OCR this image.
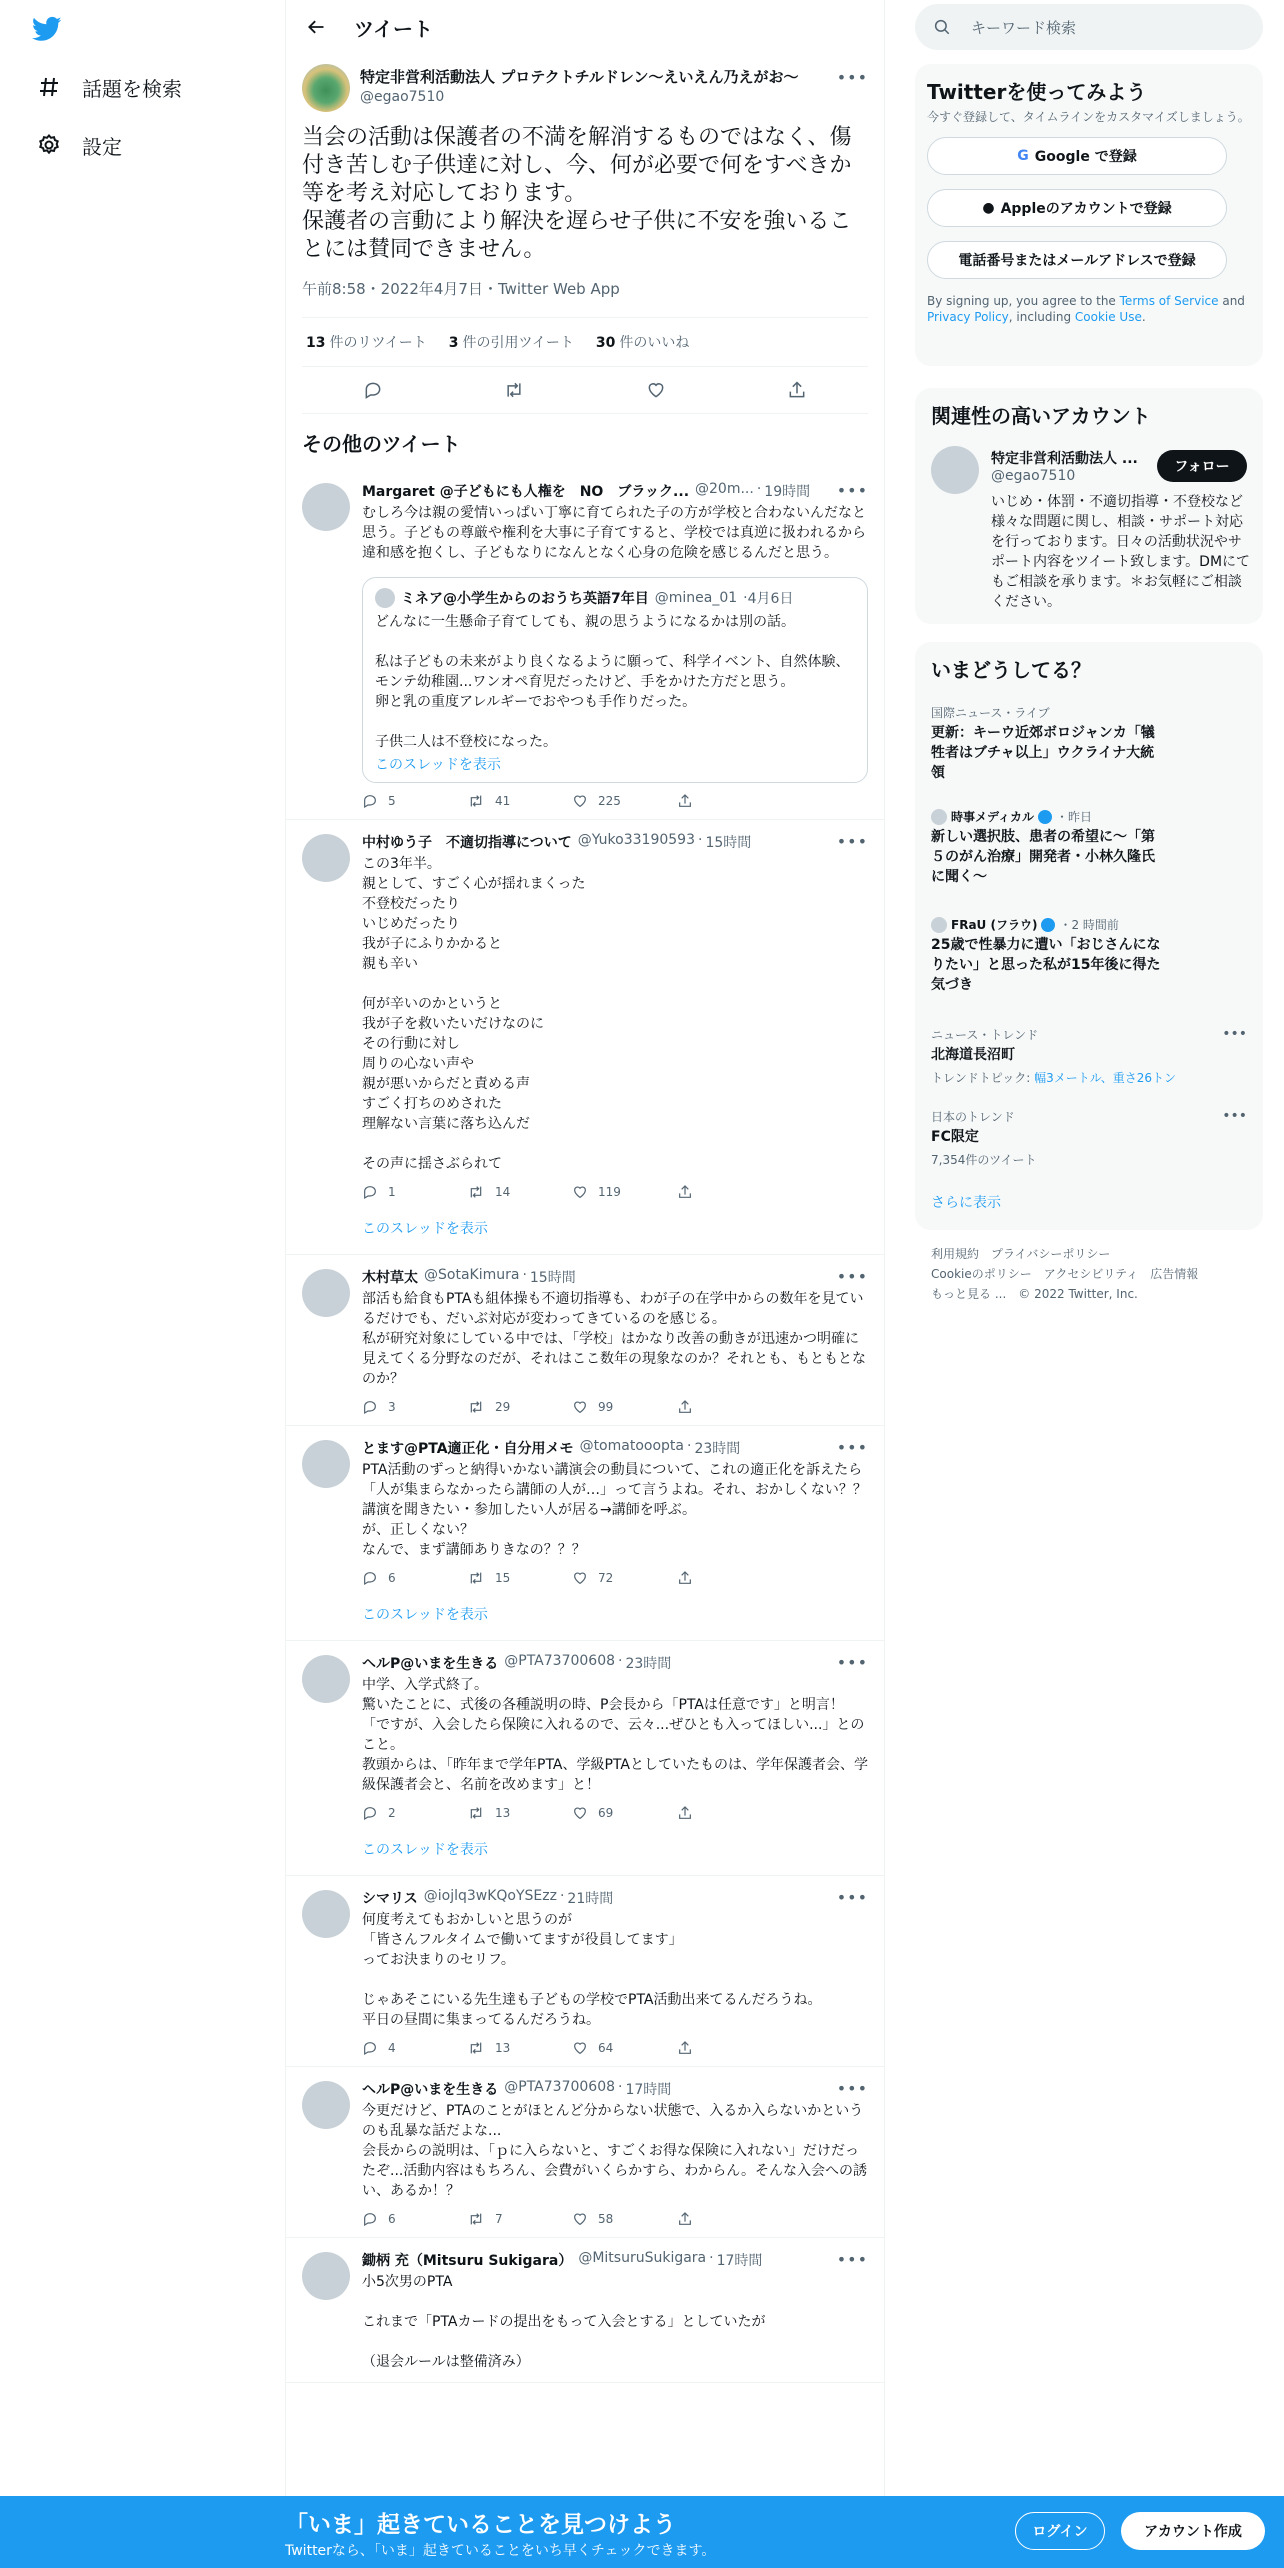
話題を検索
設定
ツイート
特定非営利活動法人 プロテクトチルドレン〜えいえん乃えがお〜
@egao7510
•••
当会の活動は保護者の不満を解消するものではなく、傷付き苦しむ子供達に対し、今、何が必要で何をすべきか等を考え対応しております。
保護者の言動により解決を遅らせ子供に不安を強いることには賛同できません。
午前8:58・2022年4月7日・Twitter Web App
13 件のリツイート 3 件の引用ツイート 30 件のいいね
その他のツイート
•••
Margaret @子どもにも人権を　NO　ブラック... @20m... · 19時間
むしろ今は親の愛情いっぱい丁寧に育てられた子の方が学校と合わないんだなと思う。子どもの尊厳や権利を大事に子育てすると、学校では真逆に扱われるから違和感を抱くし、子どもなりになんとなく心身の危険を感じるんだと思う。
ミネア@小学生からのおうち英語7年目 @minea_01 · 4月6日
どんなに一生懸命子育てしても、親の思うようになるかは別の話。

私は子どもの未来がより良くなるように願って、科学イベント、自然体験、モンテ幼稚園...ワンオペ育児だったけど、手をかけた方だと思う。
卵と乳の重度アレルギーでおやつも手作りだった。

子供二人は不登校になった。
このスレッドを表示
5	41	225
•••
中村ゆう子　不適切指導について @Yuko33190593 · 15時間
この3年半。
親として、すごく心が揺れまくった
不登校だったり
いじめだったり
我が子にふりかかると
親も辛い

何が辛いのかというと
我が子を救いたいだけなのに
その行動に対し
周りの心ない声や
親が悪いからだと責める声
すごく打ちのめされた
理解ない言葉に落ち込んだ

その声に揺さぶられて
1	14	119
このスレッドを表示
•••
木村草太 @SotaKimura · 15時間
部活も給食もPTAも組体操も不適切指導も、わが子の在学中からの数年を見ているだけでも、だいぶ対応が変わってきているのを感じる。
私が研究対象にしている中では、「学校」はかなり改善の動きが迅速かつ明確に見えてくる分野なのだが、それはここ数年の現象なのか？それとも、もともとなのか？
3	29	99
•••
とます@PTA適正化・自分用メモ @tomatooopta · 23時間
PTA活動のずっと納得いかない講演会の動員について、これの適正化を訴えたら「人が集まらなかったら講師の人が…」って言うよね。それ、おかしくない？？
講演を聞きたい・参加したい人が居る→講師を呼ぶ。
が、正しくない？
なんで、まず講師ありきなの？？？
6	15	72
このスレッドを表示
•••
ヘルP@いまを生きる @PTA73700608 · 23時間
中学、入学式終了。
驚いたことに、式後の各種説明の時、P会長から「PTAは任意です」と明言！「ですが、入会したら保険に入れるので、云々...ぜひとも入ってほしい...」とのこと。
教頭からは、「昨年まで学年PTA、学級PTAとしていたものは、学年保護者会、学級保護者会と、名前を改めます」と！
2	13	69
このスレッドを表示
•••
シマリス @iojlq3wKQoYSEzz · 21時間
何度考えてもおかしいと思うのが
「皆さんフルタイムで働いてますが役員してます」
ってお決まりのセリフ。

じゃあそこにいる先生達も子どもの学校でPTA活動出来てるんだろうね。
平日の昼間に集まってるんだろうね。
4	13	64
•••
ヘルP@いまを生きる @PTA73700608 · 17時間
今更だけど、PTAのことがほとんど分からない状態で、入るか入らないかというのも乱暴な話だよな...
会長からの説明は、「ｐに入らないと、すごくお得な保険に入れない」だけだったぞ...活動内容はもちろん、会費がいくらかすら、わからん。そんな入会への誘い、あるか！？
6	7	58
•••
鋤柄 充（Mitsuru Sukigara） @MitsuruSukigara · 17時間
小5次男のPTA

これまで「PTAカードの提出をもって入会とする」としていたが

（退会ルールは整備済み）
キーワード検索
Twitterを使ってみよう
今すぐ登録して、タイムラインをカスタマイズしましょう。
G Google で登録
● Appleのアカウントで登録
電話番号またはメールアドレスで登録
By signing up, you agree to the Terms of Service and Privacy Policy, including Cookie Use.
関連性の高いアカウント
特定非営利活動法人 ...
@egao7510
フォロー
いじめ・体罰・不適切指導・不登校など様々な問題に関し、相談・サポート対応を行っております。日々の活動状況やサポート内容をツイート致します。DMにてもご相談を承ります。＊お気軽にご相談ください。
いまどうしてる？
国際ニュース・ライブ
更新：キーウ近郊ボロジャンカ「犠牲者はブチャ以上」ウクライナ大統領
時事メディカル ・昨日
新しい選択肢、患者の希望に～「第５のがん治療」開発者・小林久隆氏に聞く～
FRaU (フラウ) ・2 時間前
25歳で性暴力に遭い「おじさんになりたい」と思った私が15年後に得た気づき
ニュース・トレンド
北海道長沼町
トレンドトピック: 幅3メートル、重さ26トン
•••
日本のトレンド
FC限定
7,354件のツイート
•••
さらに表示
利用規約　 プライバシーポリシー
Cookieのポリシー　 アクセシビリティ　 広告情報
もっと見る ...　 © 2022 Twitter, Inc.
「いま」起きていることを見つけよう
Twitterなら、「いま」起きていることをいち早くチェックできます。
ログイン	アカウント作成
